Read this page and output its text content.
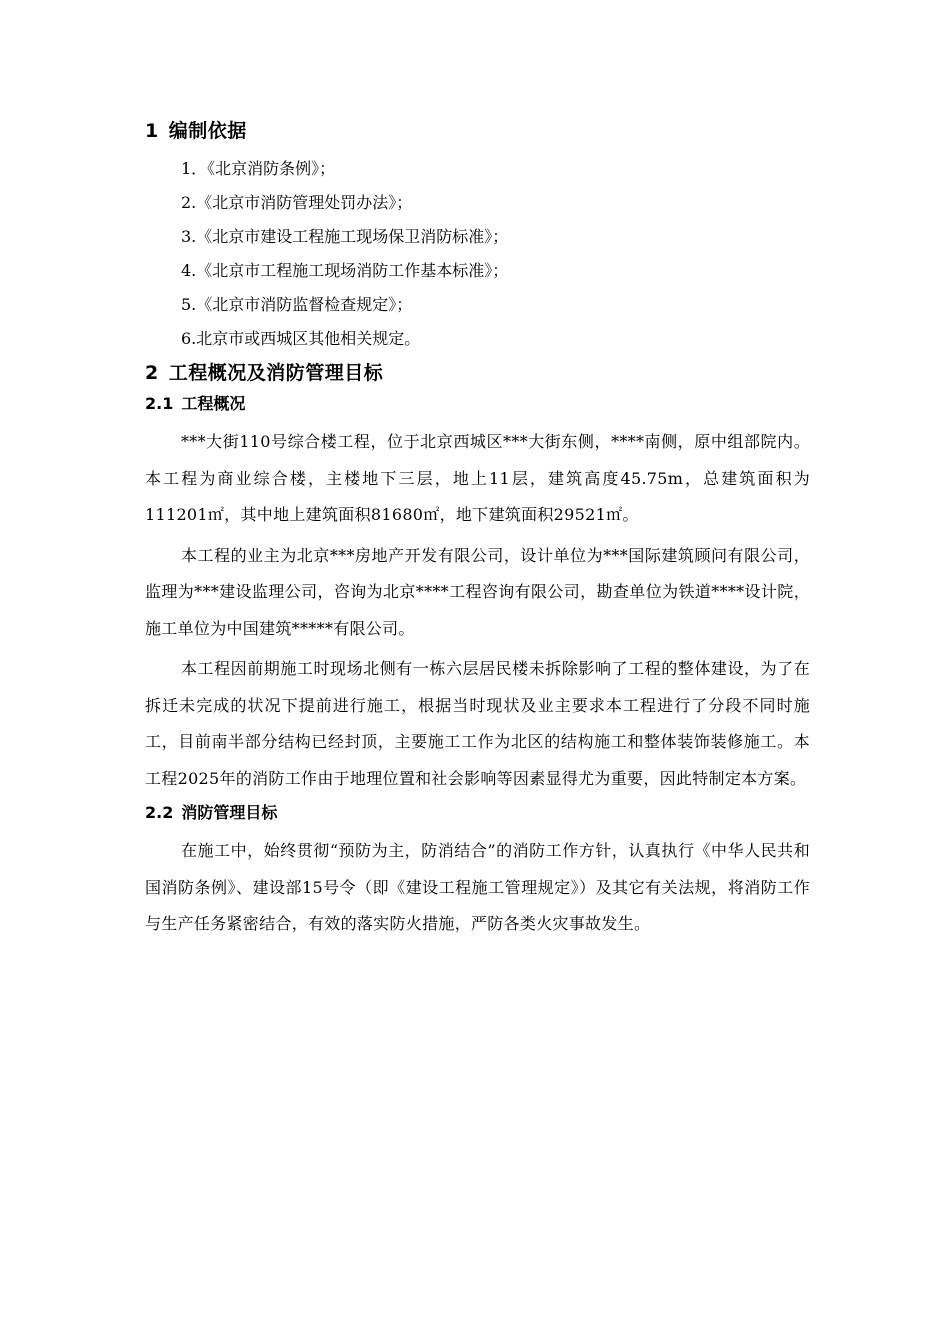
1 编制依据
1．《北京消防条例》；
2.《北京市消防管理处罚办法》；
3.《北京市建设工程施工现场保卫消防标准》；
4.《北京市工程施工现场消防工作基本标准》；
5.《北京市消防监督检查规定》；
6.北京市或西城区其他相关规定。
2 工程概况及消防管理目标
2.1 工程概况

***大街110号综合楼工程，位于北京西城区***大街东侧，****南侧，原中组部院内。本工程为商业综合楼，主楼地下三层，地上11层，建筑高度45.75m，总建筑面积为111201㎡，其中地上建筑面积81680㎡，地下建筑面积29521㎡。

本工程的业主为北京***房地产开发有限公司，设计单位为***国际建筑顾问有限公司，监理为***建设监理公司，咨询为北京****工程咨询有限公司，勘查单位为铁道****设计院，施工单位为中国建筑*****有限公司。

本工程因前期施工时现场北侧有一栋六层居民楼未拆除影响了工程的整体建设，为了在拆迁未完成的状况下提前进行施工，根据当时现状及业主要求本工程进行了分段不同时施工，目前南半部分结构已经封顶，主要施工工作为北区的结构施工和整体装饰装修施工。本工程2025年的消防工作由于地理位置和社会影响等因素显得尤为重要，因此特制定本方案。

2.2 消防管理目标

在施工中，始终贯彻“预防为主，防消结合”的消防工作方针，认真执行《中华人民共和国消防条例》、建设部15号令（即《建设工程施工管理规定》）及其它有关法规，将消防工作与生产任务紧密结合，有效的落实防火措施，严防各类火灾事故发生。
